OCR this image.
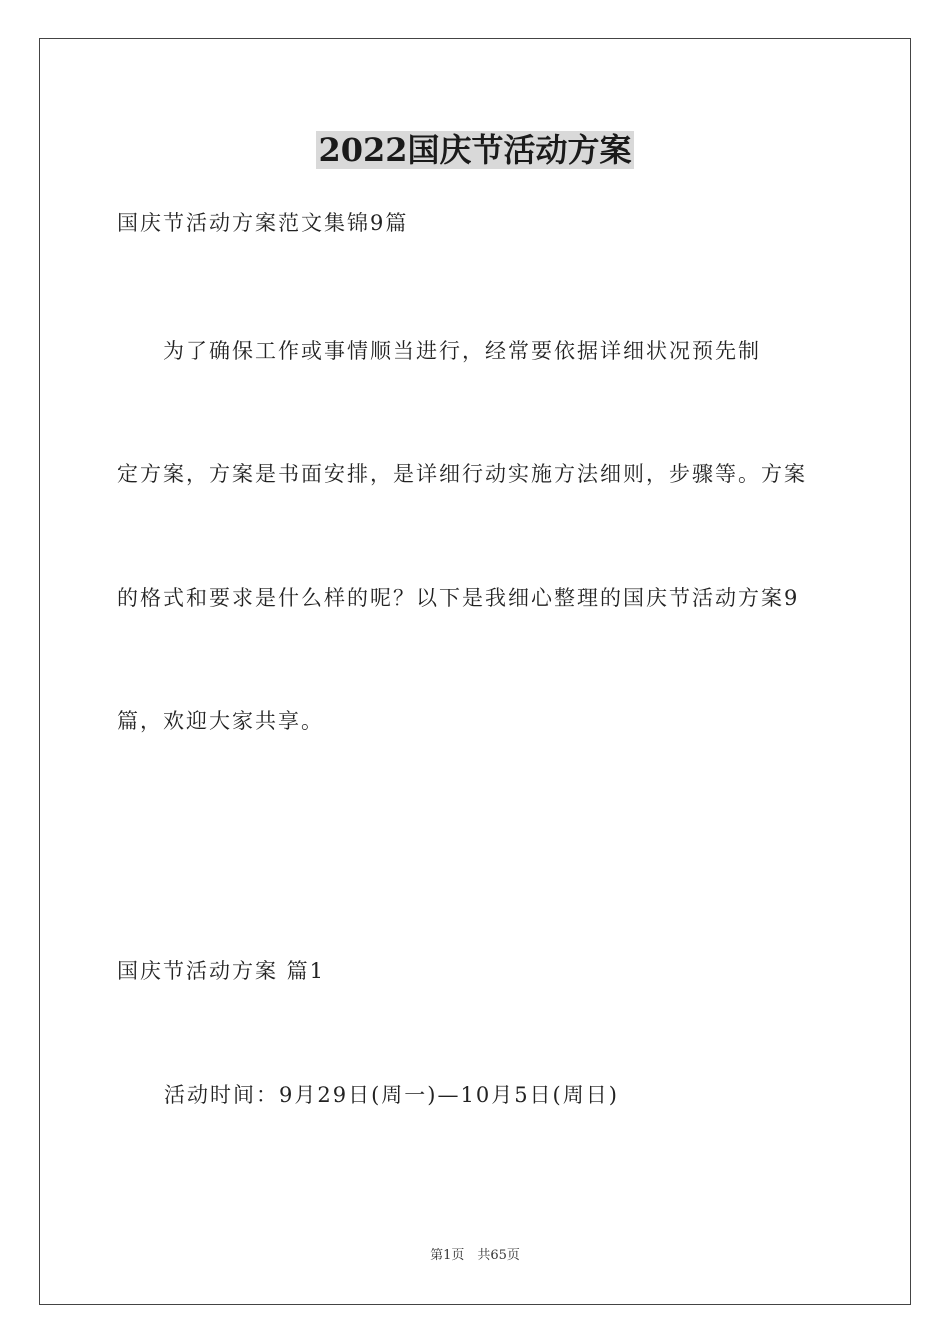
2022国庆节活动方案
国庆节活动方案范文集锦9篇
　　为了确保工作或事情顺当进行，经常要依据详细状况预先制
定方案，方案是书面安排，是详细行动实施方法细则，步骤等。方案
的格式和要求是什么样的呢？以下是我细心整理的国庆节活动方案9
篇，欢迎大家共享。
国庆节活动方案 篇1
活动时间：9月29日(周一)—10月5日(周日)
第1页　共65页
